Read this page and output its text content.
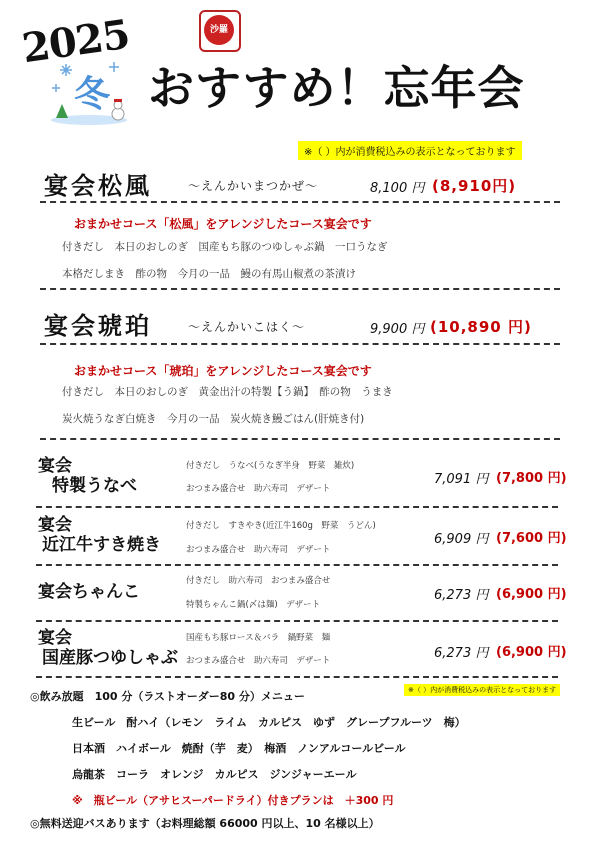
2025
冬
沙羅
おすすめ！忘年会
※（ ）内が消費税込みの表示となっております
宴会松風	～えんかいまつかぜ～	8,100 円 (8,910円)
おまかせコース「松風」をアレンジしたコース宴会です
付きだし　本日のおしのぎ　国産もち豚のつゆしゃぶ鍋　一口うなぎ
本格だしまき　酢の物　今月の一品　鰻の有馬山椒煮の茶漬け
宴会琥珀	～えんかいこはく～	9,900 円 (10,890 円)
おまかせコース「琥珀」をアレンジしたコース宴会です
付きだし　本日のおしのぎ　黄金出汁の特製【う鍋】　酢の物　うまき
炭火焼うなぎ白焼き　今月の一品　炭火焼き鰻ごはん(肝焼き付)
宴会
特製うなべ
付きだし　うなべ(うなぎ半身　野菜　雑炊)
おつまみ盛合せ　助六寿司　デザート
7,091 円 (7,800 円)
宴会
近江牛すき焼き
付きだし　すきやき(近江牛160g　野菜　うどん)
おつまみ盛合せ　助六寿司　デザート
6,909 円 (7,600 円)
宴会ちゃんこ
付きだし　助六寿司　おつまみ盛合せ
特製ちゃんこ鍋(〆は麺)　デザート
6,273 円 (6,900 円)
宴会
国産豚つゆしゃぶ
国産もち豚ロース＆バラ　鍋野菜　麺
おつまみ盛合せ　助六寿司　デザート	6,273 円 (6,900 円)
◎飲み放題　100 分（ラストオーダー80 分）メニュー	※（ ）内が消費税込みの表示となっております
生ビール　酎ハイ（レモン　ライム　カルピス　ゆず　グレープフルーツ　梅）
日本酒　ハイボール　焼酎（芋　麦）　梅酒　ノンアルコールビール
烏龍茶　コーラ　オレンジ　カルピス　ジンジャーエール
※　瓶ビール（アサヒスーパードライ）付きプランは　＋300 円
◎無料送迎バスあります（お料理総額 66000 円以上、10 名様以上）
